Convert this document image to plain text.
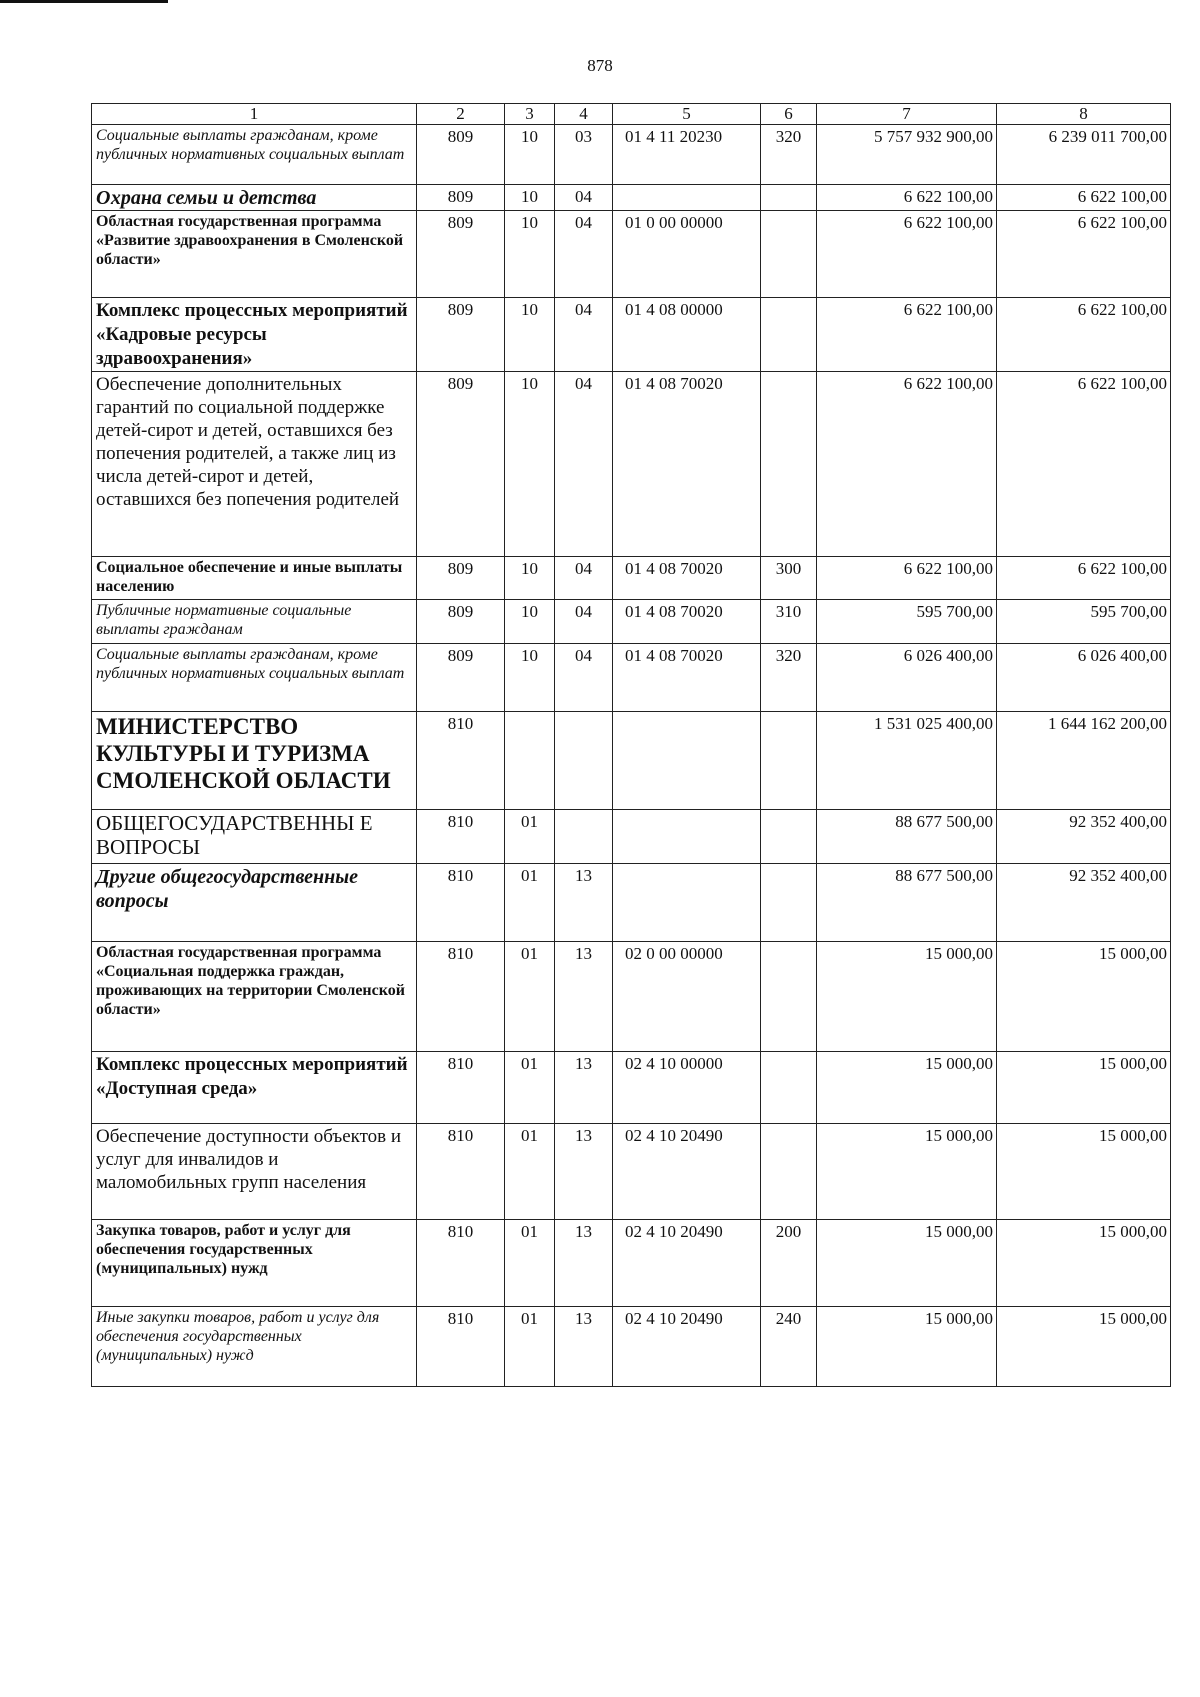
878
1	2	3	4	5	6	7	8
Социальные выплаты гражданам, кроме публичных нормативных социальных выплат	809	10	03	01 4 11 20230	320	5 757 932 900,00	6 239 011 700,00
Охрана семьи и детства	809	10	04			6 622 100,00	6 622 100,00
Областная государственная программа «Развитие здравоохранения в Смоленской области»	809	10	04	01 0 00 00000		6 622 100,00	6 622 100,00
Комплекс процессных мероприятий «Кадровые ресурсы здравоохранения»	809	10	04	01 4 08 00000		6 622 100,00	6 622 100,00
Обеспечение дополнительных гарантий по социальной поддержке детей-сирот и детей, оставшихся без попечения родителей, а также лиц из числа детей-сирот и детей, оставшихся без попечения родителей	809	10	04	01 4 08 70020		6 622 100,00	6 622 100,00
Социальное обеспечение и иные выплаты населению	809	10	04	01 4 08 70020	300	6 622 100,00	6 622 100,00
Публичные нормативные социальные выплаты гражданам	809	10	04	01 4 08 70020	310	595 700,00	595 700,00
Социальные выплаты гражданам, кроме публичных нормативных социальных выплат	809	10	04	01 4 08 70020	320	6 026 400,00	6 026 400,00
МИНИСТЕРСТВО КУЛЬТУРЫ И ТУРИЗМА СМОЛЕНСКОЙ ОБЛАСТИ	810					1 531 025 400,00	1 644 162 200,00
ОБЩЕГОСУДАРСТВЕННЫ Е ВОПРОСЫ	810	01				88 677 500,00	92 352 400,00
Другие общегосударственные вопросы	810	01	13			88 677 500,00	92 352 400,00
Областная государственная программа «Социальная поддержка граждан, проживающих на территории Смоленской области»	810	01	13	02 0 00 00000		15 000,00	15 000,00
Комплекс процессных мероприятий «Доступная среда»	810	01	13	02 4 10 00000		15 000,00	15 000,00
Обеспечение доступности объектов и услуг для инвалидов и маломобильных групп населения	810	01	13	02 4 10 20490		15 000,00	15 000,00
Закупка товаров, работ и услуг для обеспечения государственных (муниципальных) нужд	810	01	13	02 4 10 20490	200	15 000,00	15 000,00
Иные закупки товаров, работ и услуг для обеспечения государственных (муниципальных) нужд	810	01	13	02 4 10 20490	240	15 000,00	15 000,00
